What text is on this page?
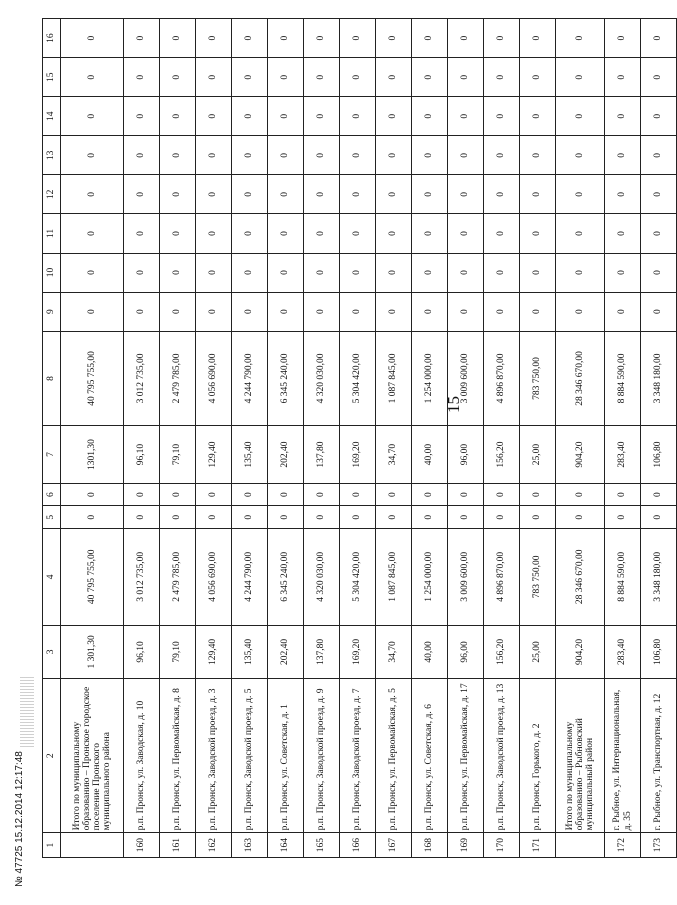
15
1	2	3	4	5	6	7	8	9	10	11	12	13	14	15	16
	Итого по муниципальному образованию – Пронское городское поселение Пронского муниципального района	1 301,30	40 795 755,00	0	0	1301,30	40 795 755,00	0	0	0	0	0	0	0	0
160	р.п. Пронск, ул. Заводская, д. 10	96,10	3 012 735,00	0	0	96,10	3 012 735,00	0	0	0	0	0	0	0	0
161	р.п. Пронск, ул. Первомайская, д. 8	79,10	2 479 785,00	0	0	79,10	2 479 785,00	0	0	0	0	0	0	0	0
162	р.п. Пронск, Заводской проезд, д. 3	129,40	4 056 690,00	0	0	129,40	4 056 690,00	0	0	0	0	0	0	0	0
163	р.п. Пронск, Заводской проезд, д. 5	135,40	4 244 790,00	0	0	135,40	4 244 790,00	0	0	0	0	0	0	0	0
164	р.п. Пронск, ул. Советская, д. 1	202,40	6 345 240,00	0	0	202,40	6 345 240,00	0	0	0	0	0	0	0	0
165	р.п. Пронск, Заводской проезд, д. 9	137,80	4 320 030,00	0	0	137,80	4 320 030,00	0	0	0	0	0	0	0	0
166	р.п. Пронск, Заводской проезд, д. 7	169,20	5 304 420,00	0	0	169,20	5 304 420,00	0	0	0	0	0	0	0	0
167	р.п. Пронск, ул. Первомайская, д. 5	34,70	1 087 845,00	0	0	34,70	1 087 845,00	0	0	0	0	0	0	0	0
168	р.п. Пронск, ул. Советская, д. 6	40,00	1 254 000,00	0	0	40,00	1 254 000,00	0	0	0	0	0	0	0	0
169	р.п. Пронск, ул. Первомайская, д. 17	96,00	3 009 600,00	0	0	96,00	3 009 600,00	0	0	0	0	0	0	0	0
170	р.п. Пронск, Заводской проезд, д. 13	156,20	4 896 870,00	0	0	156,20	4 896 870,00	0	0	0	0	0	0	0	0
171	р.п. Пронск, Горького, д. 2	25,00	783 750,00	0	0	25,00	783 750,00	0	0	0	0	0	0	0	0
	Итого по муниципальному образованию – Рыбновский муниципальный район	904,20	28 346 670,00	0	0	904,20	28 346 670,00	0	0	0	0	0	0	0	0
172	г. Рыбное, ул. Интернациональная, д. 35	283,40	8 884 590,00	0	0	283,40	8 884 590,00	0	0	0	0	0	0	0	0
173	г. Рыбное, ул. Транспортная, д. 12	106,80	3 348 180,00	0	0	106,80	3 348 180,00	0	0	0	0	0	0	0	0
№ 47725 15.12.2014 12:17:48
